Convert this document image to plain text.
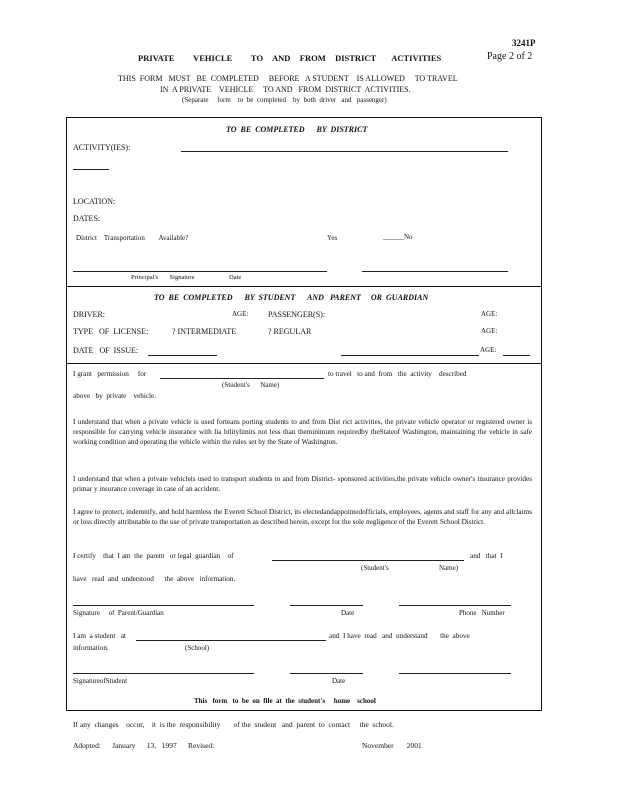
3241P
PRIVATE      VEHICLE      TO   AND   FROM   DISTRICT     ACTIVITIES	Page 2 of 2
THIS  FORM   MUST   BE  COMPLETED     BEFORE   A STUDENT    IS ALLOWED     TO TRAVEL
IN  A PRIVATE    VEHICLE     TO AND   FROM  DISTRICT  ACTIVITIES.
(Separate     form    to  be  completed    by  both  driver   and   passenger)
TO  BE  COMPLETED      BY  DISTRICT
ACTIVITY(IES):
LOCATION:
DATES:
District    Transportation        Available?	Yes	______No
Principal's       Signature	Date
TO  BE  COMPLETED      BY  STUDENT      AND   PARENT     OR  GUARDIAN
DRIVER:	AGE: PASSENGER(S):	AGE:
TYPE   OF  LICENSE:	? INTERMEDIATE	? REGULAR	AGE:
DATE   OF  ISSUE:	AGE:
I grant   permission     for	to travel   to and  from   the  activity    described
(Student's      Name)
above   by  private    vehicle.
I understand that when a private vehicle is used forteans porting students to and from Dist rict activities, the private vehicle operator or registered owner is responsible for carrying vehicle insurance with lia bilitylimits not less than theminimum requiredby theStateof Washington, maintaining the vehicle in safe working condition and operating the vehicle within the rules set by the State of Washington.
I understand that when a private vehicleis used to transport students to and from District- sponsored activities,the private vehicle owner's insurance provides primar y insurance coverage in case of an accident.
I agree to protect, indemnify, and hold harmless the Everett School District, its electedandappointedofficials, employees, agents and staff for any and allclaims or loss directly attributable to the use of private transportation as described herein, except for the sole negligence of the Everett School District.
I certify    that  I am  the  parent   or legal  guardian    of	and   that  I
(Student's	Name)
have   read  and  understood      the  above   information.
Signature     of  Parent/Guardian	Date	Phone   Number
I am  a student   at	and  I have  read   and  understand       the  above
information.	(School)
SignatureofStudent	Date
This   form   to  be  on  file  at  the  student's     home    school
If any  changes    occur,    it  is the  responsibility       of the  student   and  parent  to  contact     the  school.
Adopted:      January      13,   1997      Revised:	November       2001
